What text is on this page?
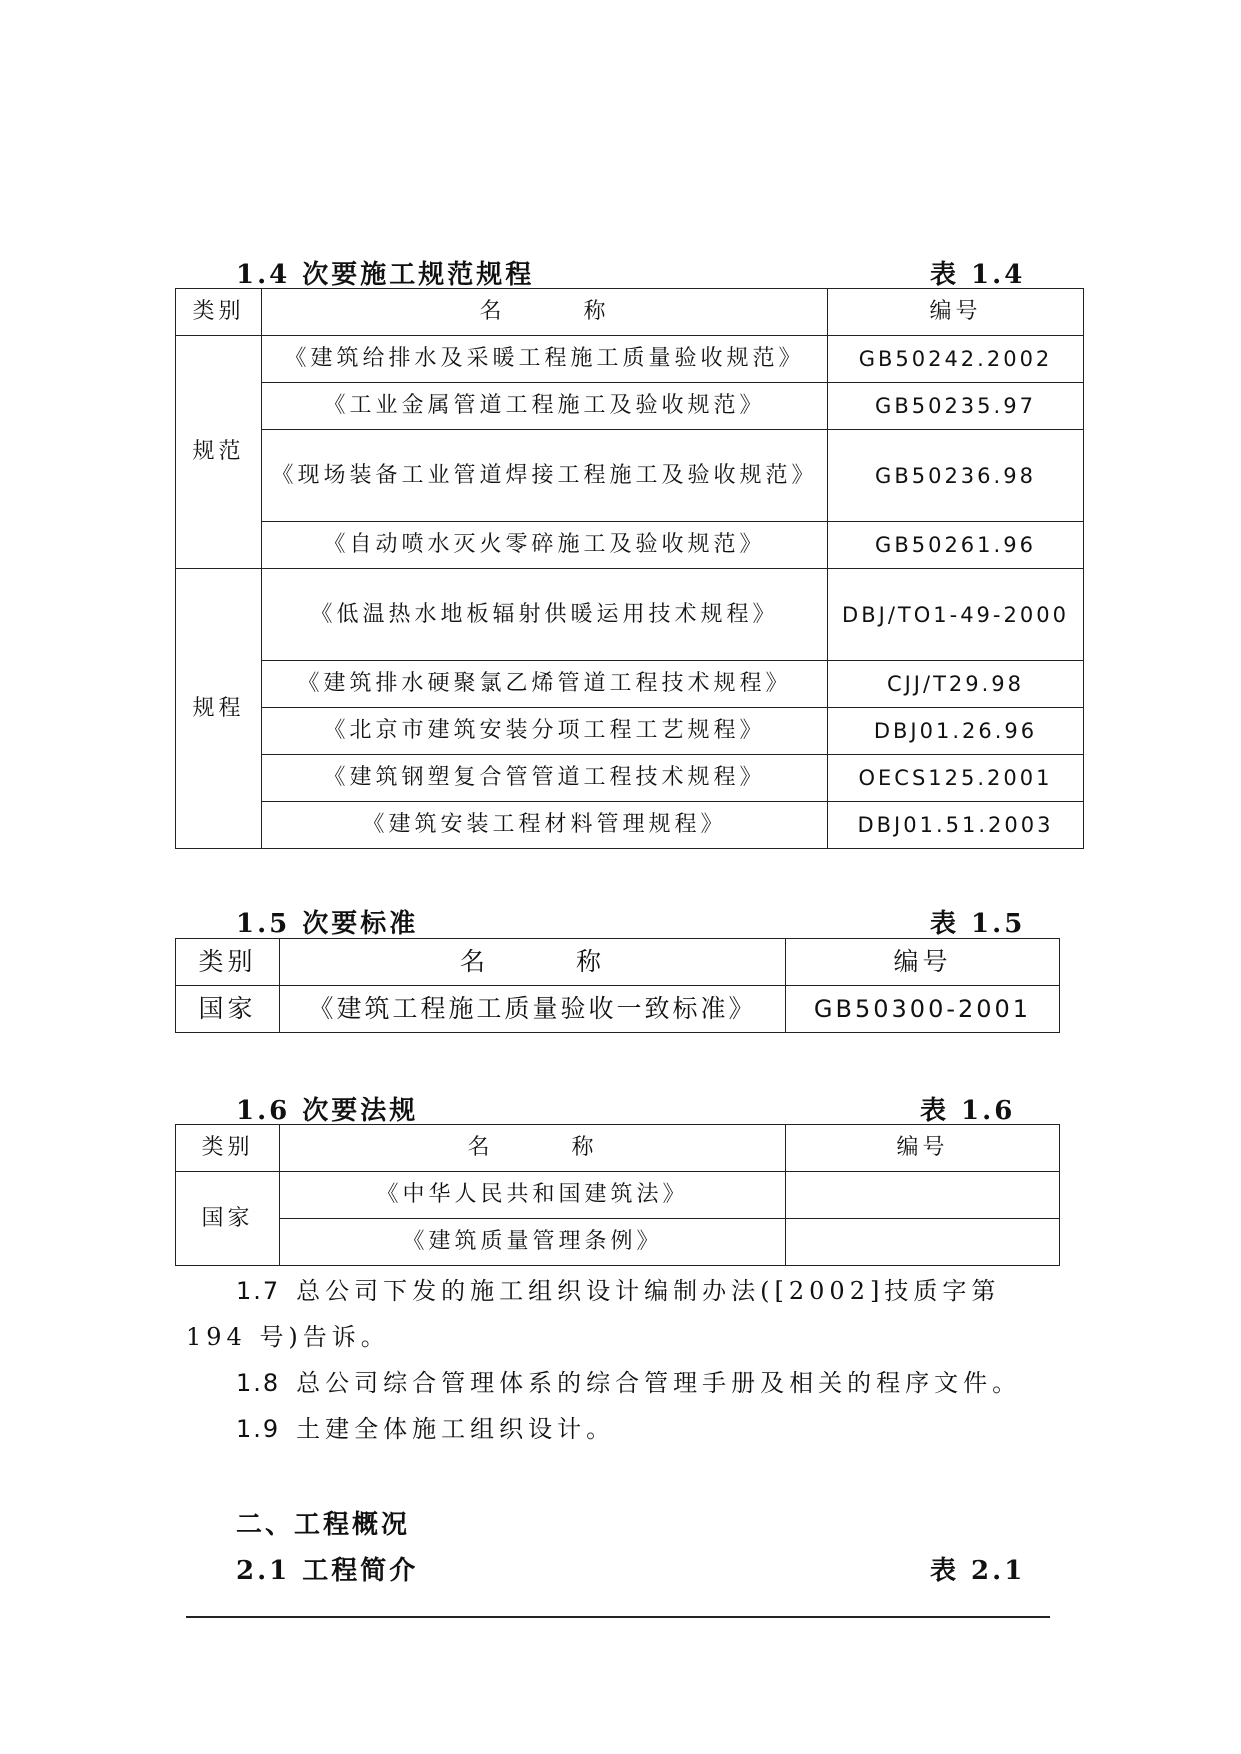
1.4 次要施工规范规程	表 1.4
类别	名　　　称	编号
规范	《建筑给排水及采暖工程施工质量验收规范》	GB50242.2002
	《工业金属管道工程施工及验收规范》	GB50235.97
	《现场装备工业管道焊接工程施工及验收规范》	GB50236.98
	《自动喷水灭火零碎施工及验收规范》	GB50261.96
规程	《低温热水地板辐射供暖运用技术规程》	DBJ/TO1-49-2000
	《建筑排水硬聚氯乙烯管道工程技术规程》	CJJ/T29.98
	《北京市建筑安装分项工程工艺规程》	DBJ01.26.96
	《建筑钢塑复合管管道工程技术规程》	OECS125.2001
	《建筑安装工程材料管理规程》	DBJ01.51.2003
1.5 次要标准	表 1.5
类别	名　　　称	编号
国家	《建筑工程施工质量验收一致标准》	GB50300-2001
1.6 次要法规	表 1.6
类别	名　　　称	编号
国家	《中华人民共和国建筑法》	
	《建筑质量管理条例》	
1.7 总公司下发的施工组织设计编制办法([2002]技质字第
194 号)告诉。
1.8 总公司综合管理体系的综合管理手册及相关的程序文件。
1.9 土建全体施工组织设计。
二、工程概况
2.1 工程简介	表 2.1
